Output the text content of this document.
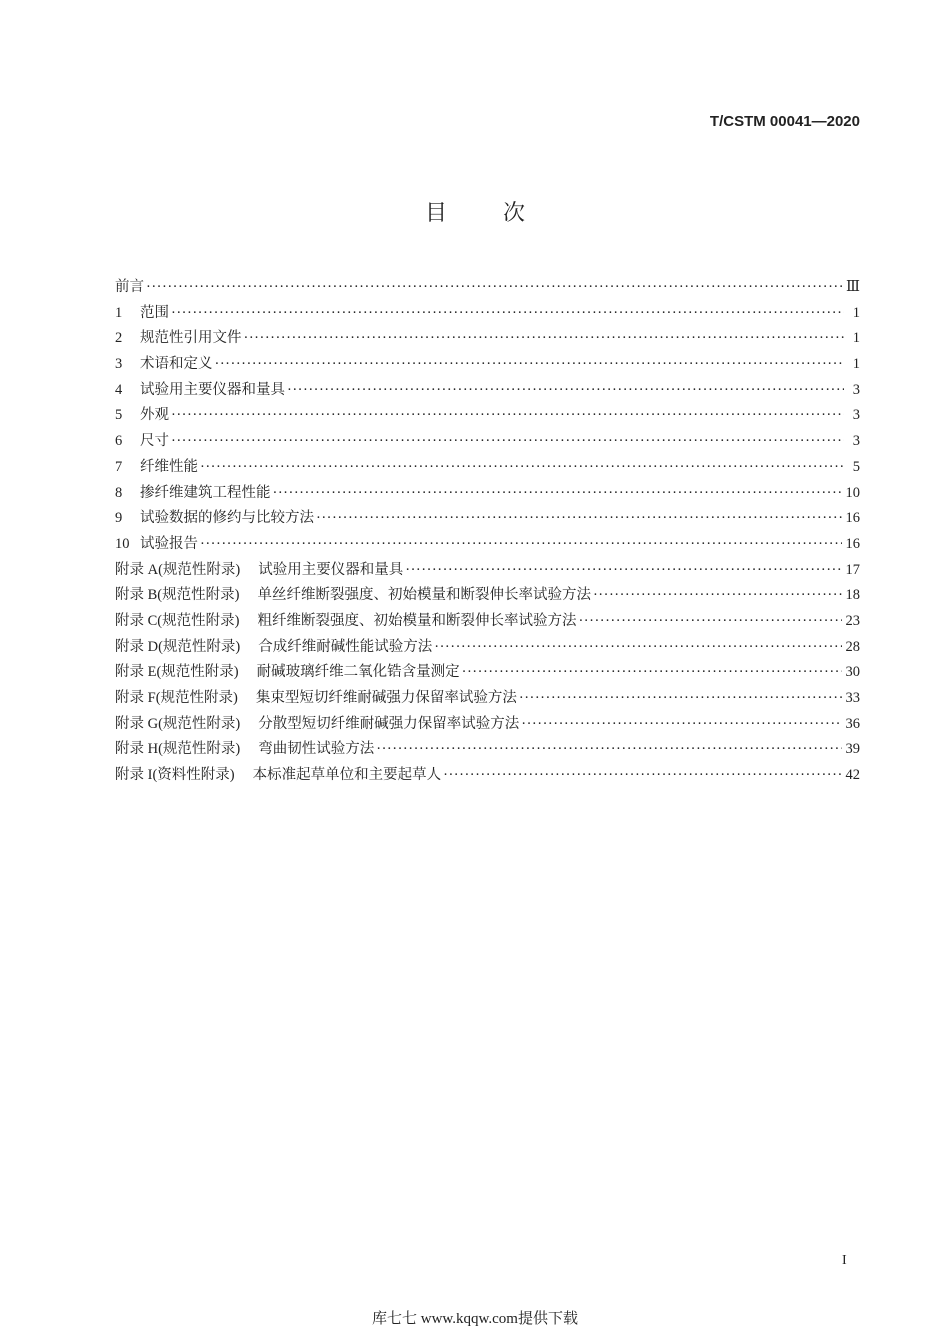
T/CSTM 00041—2020
目次
前言 ·····	Ⅲ
1	范围 ·····	1
2	规范性引用文件 ·····	1
3	术语和定义 ·····	1
4	试验用主要仪器和量具 ·····	3
5	外观 ·····	3
6	尺寸 ·····	3
7	纤维性能 ·····	5
8	掺纤维建筑工程性能 ·····	10
9	试验数据的修约与比较方法 ·····	16
10 试验报告 ·····	16
附录 A(规范性附录) 试验用主要仪器和量具 ·····	17
附录 B(规范性附录) 单丝纤维断裂强度、初始模量和断裂伸长率试验方法 ·····	18
附录 C(规范性附录) 粗纤维断裂强度、初始模量和断裂伸长率试验方法 ·····	23
附录 D(规范性附录) 合成纤维耐碱性能试验方法 ·····	28
附录 E(规范性附录) 耐碱玻璃纤维二氧化锆含量测定 ·····	30
附录 F(规范性附录) 集束型短切纤维耐碱强力保留率试验方法 ·····	33
附录 G(规范性附录) 分散型短切纤维耐碱强力保留率试验方法 ·····	36
附录 H(规范性附录) 弯曲韧性试验方法 ·····	39
附录 I(资料性附录) 本标准起草单位和主要起草人 ·····	42
I
库七七 www.kqqw.com提供下载
